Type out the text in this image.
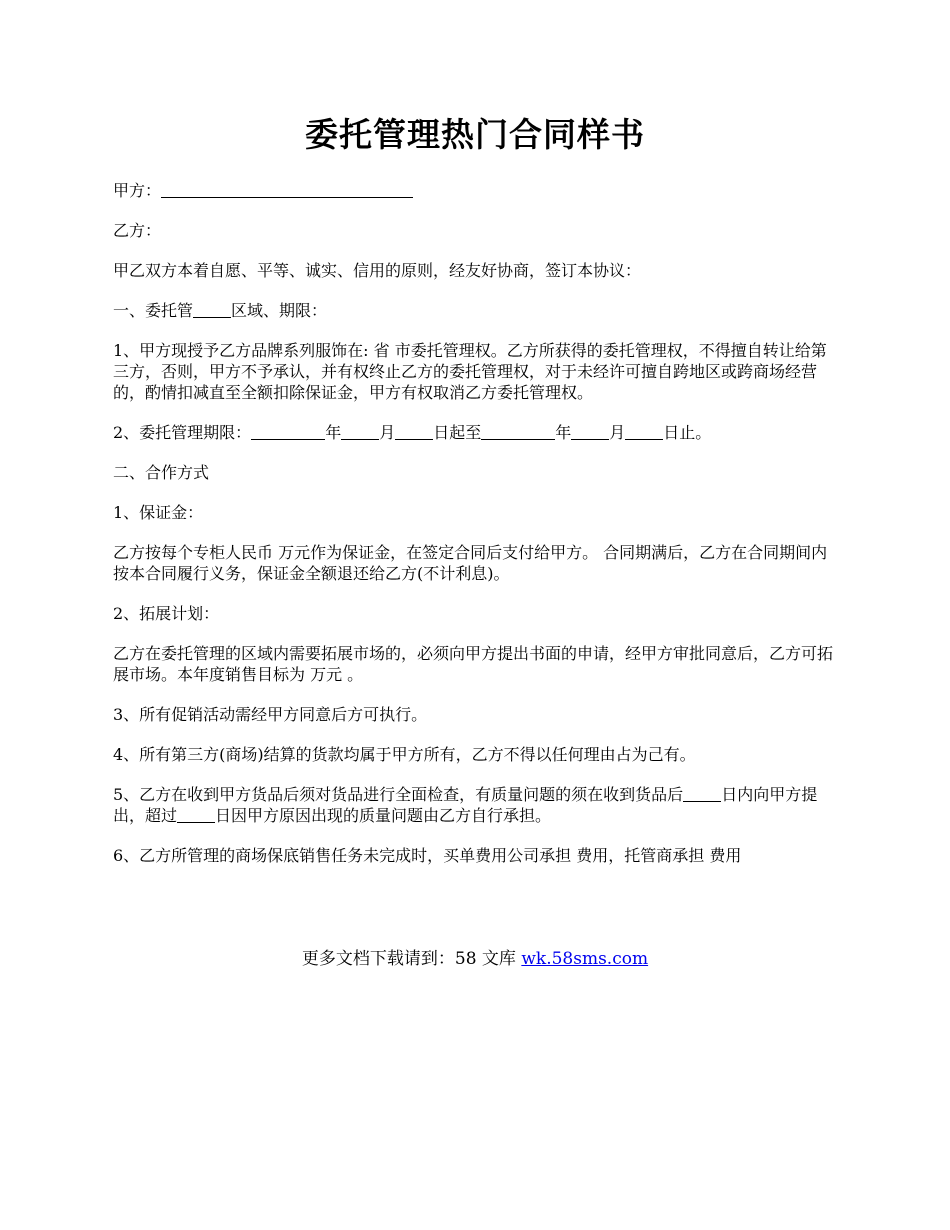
委托管理热门合同样书

甲方：

乙方：

甲乙双方本着自愿、平等、诚实、信用的原则，经友好协商，签订本协议：

一、委托管 区域、期限：

1、甲方现授予乙方品牌系列服饰在: 省 市委托管理权。乙方所获得的委托管理权，不得擅自转让给第三方，否则，甲方不予承认，并有权终止乙方的委托管理权，对于未经许可擅自跨地区或跨商场经营的，酌情扣减直至全额扣除保证金，甲方有权取消乙方委托管理权。

2、委托管理期限：	年 月 日起至	年 月 日止。

二、合作方式

1、保证金：

乙方按每个专柜人民币 万元作为保证金，在签定合同后支付给甲方。 合同期满后，乙方在合同期间内按本合同履行义务，保证金全额退还给乙方(不计利息)。

2、拓展计划：

乙方在委托管理的区域内需要拓展市场的，必须向甲方提出书面的申请，经甲方审批同意后，乙方可拓展市场。本年度销售目标为 万元 。

3、所有促销活动需经甲方同意后方可执行。

4、所有第三方(商场)结算的货款均属于甲方所有，乙方不得以任何理由占为己有。

5、乙方在收到甲方货品后须对货品进行全面检查，有质量问题的须在收到货品后 日内向甲方提出，超过 日因甲方原因出现的质量问题由乙方自行承担。

6、乙方所管理的商场保底销售任务未完成时，买单费用公司承担 费用，托管商承担 费用

更多文档下载请到：58 文库 wk.58sms.com
